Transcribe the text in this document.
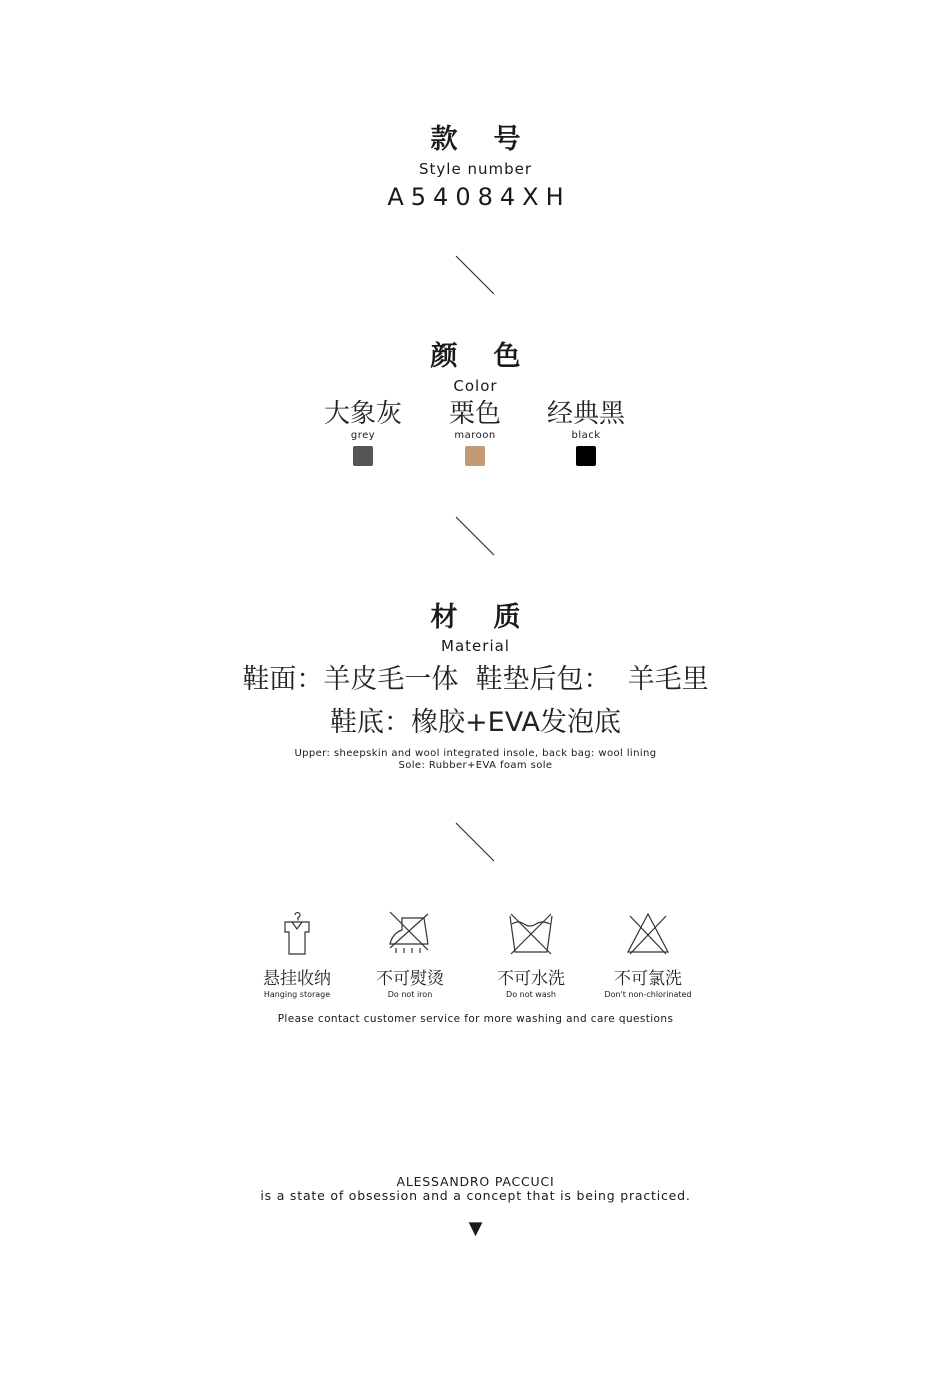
款号
Style number
A54084XH
颜色
Color
大象灰
grey
栗色
maroon
经典黑
black
材质
Material
鞋面：羊皮毛一体  鞋垫后包：  羊毛里
鞋底：橡胶+EVA发泡底
Upper: sheepskin and wool integrated insole, back bag: wool lining
Sole: Rubber+EVA foam sole
悬挂收纳
Hanging storage
不可熨烫
Do not iron
不可水洗
Do not wash
不可氯洗
Don't non-chlorinated
Please contact customer service for more washing and care questions
ALESSANDRO PACCUCI
is a state of obsession and a concept that is being practiced.
▼
